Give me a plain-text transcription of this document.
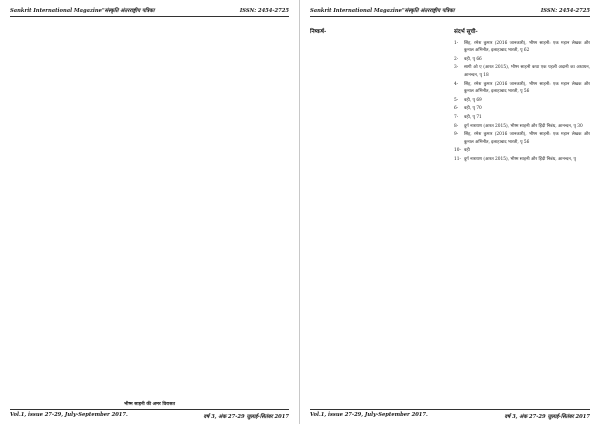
Sankrit International Magazine"संस्कृति अंतरराष्ट्रीय पत्रिका	ISSN: 2454-2725

भीष्म साहनी की अमर विरासत
Vol.1, issue 27-29, July-September 2017.	वर्ष 3, अंक 27-29 जुलाई-सितंबर 2017
Sankrit International Magazine"संस्कृति अंतरराष्ट्रीय पत्रिका	ISSN: 2454-2725

निष्कर्ष-	संदर्भ सूची-
1-	सिंह, रमेश कुमार (2016 जानकारी), भीष्म साहनी: एक महान लेखक और कुनाल अभिनीत, इलाहाबाद भारती, पृ 62
2-	वही, पृ 66
3-	सागी ओ ए (आरत 2015), भीष्म साहनी कथा एक पहली अदानी का अध्ययन, आनन्दन, पृ 18
4-	सिंह, रमेश कुमार (2016 जानकारी), भीष्म साहनी: एक महान लेखक और कुनाल अभिनीत, इलाहाबाद भारती, पृ 56
5-	वही, पृ 69
6-	वही, पृ 70
7-	वही, पृ 71
8-	दुर्ग नारायण (आरत 2015), भीष्म साहनी और हिंदी निबंध, आनन्दन, पृ 30
9-	सिंह, रमेश कुमार (2016 जानकारी), भीष्म साहनी: एक महान लेखक और कुनाल अभिनीत, इलाहाबाद भारती, पृ 56
10- वही
11- दुर्ग नारायण (आरत 2015), भीष्म साहनी और हिंदी निबंध, आनन्दन, पृ
Vol.1, issue 27-29, July-September 2017.	वर्ष 3, अंक 27-29 जुलाई-सितंबर 2017
